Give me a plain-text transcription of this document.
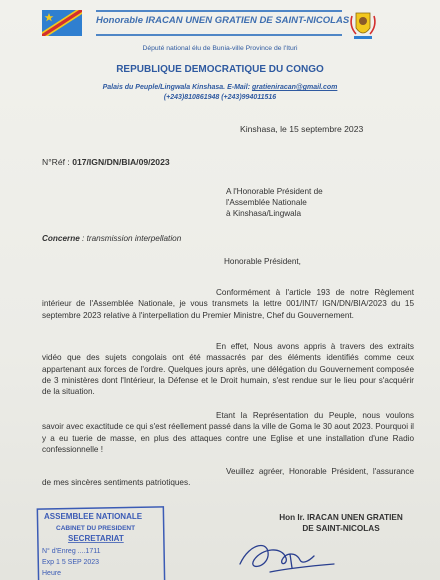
Honorable IRACAN UNEN GRATIEN DE SAINT-NICOLAS
Député national élu de Bunia-ville Province de l'Ituri
REPUBLIQUE DEMOCRATIQUE DU CONGO
Palais du Peuple/Lingwala Kinshasa. E-Mail: gratieniracan@gmail.com
(+243)810861948 (+243)994011516
Kinshasa, le 15 septembre 2023
N°Réf : 017/IGN/DN/BIA/09/2023
A l'Honorable Président de
l'Assemblée Nationale
à Kinshasa/Lingwala
Concerne : transmission interpellation
Honorable Président,
Conformément à l'article 193 de notre Règlement intérieur de l'Assemblée Nationale, je vous transmets la lettre 001/INT/ IGN/DN/BIA/2023 du 15 septembre 2023 relative à l'interpellation du Premier Ministre, Chef du Gouvernement.
En effet, Nous avons appris à travers des extraits vidéo que des sujets congolais ont été massacrés par des éléments identifiés comme ceux appartenant aux forces de l'ordre. Quelques jours après, une délégation du Gouvernement composée de 3 ministères dont l'Intérieur, la Défense et le Droit humain, s'est rendue sur le lieu pour s'acquérir de la situation.
Etant la Représentation du Peuple, nous voulons savoir avec exactitude ce qui s'est réellement passé dans la ville de Goma le 30 aout 2023. Pourquoi il y a eu tuerie de masse, en plus des attaques contre une Eglise et une installation d'une Radio confessionnelle !
Veuillez agréer, Honorable Président, l'assurance de mes sincères sentiments patriotiques.
Hon Ir. IRACAN UNEN GRATIEN
DE SAINT-NICOLAS
ASSEMBLEE NATIONALE
CABINET DU PRESIDENT
SECRETARIAT
N° d'Enreg ....1711
Exp 1 5 SEP 2023
Heure
